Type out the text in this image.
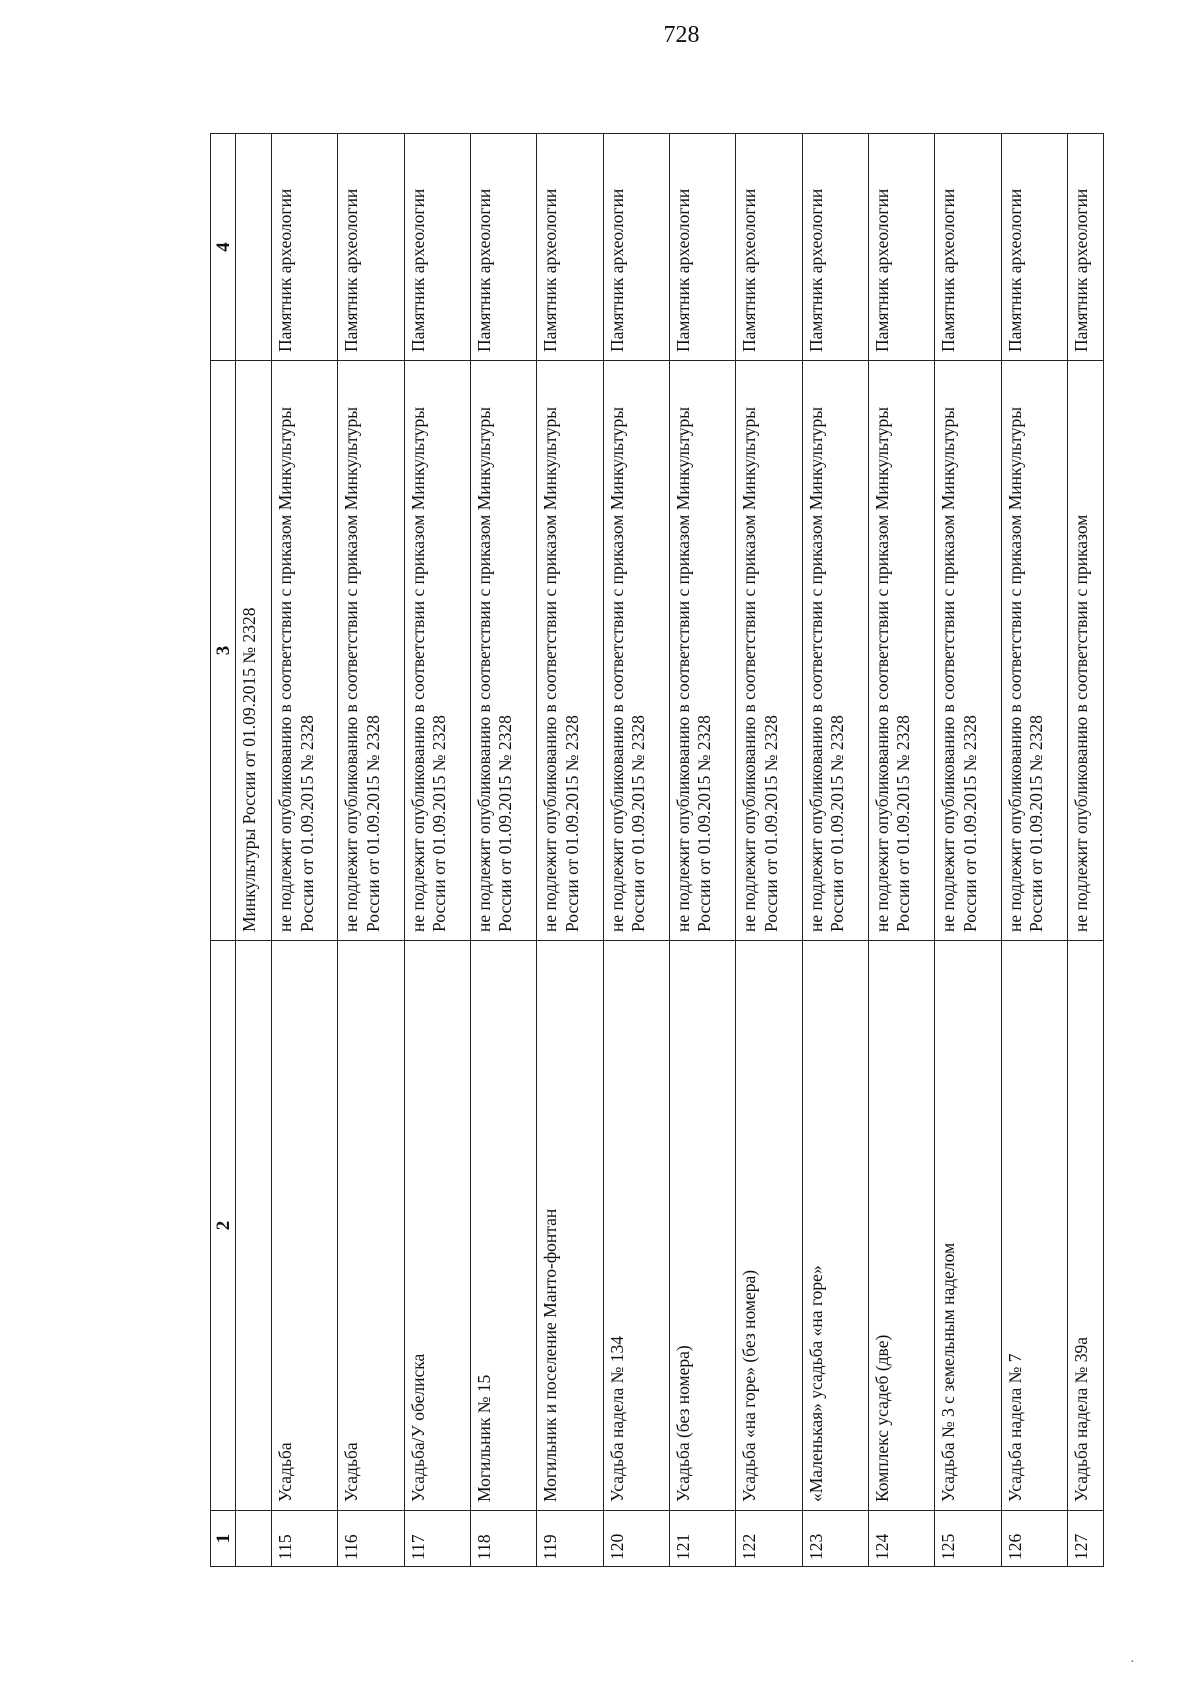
728
1	2	3	4
		Минкультуры России от 01.09.2015 № 2328	
115	Усадьба	не подлежит опубликованию в соответствии с приказом Минкультуры России от 01.09.2015 № 2328	Памятник археологии
116	Усадьба	не подлежит опубликованию в соответствии с приказом Минкультуры России от 01.09.2015 № 2328	Памятник археологии
117	Усадьба/У обелиска	не подлежит опубликованию в соответствии с приказом Минкультуры России от 01.09.2015 № 2328	Памятник археологии
118	Могильник № 15	не подлежит опубликованию в соответствии с приказом Минкультуры России от 01.09.2015 № 2328	Памятник археологии
119	Могильник и поселение Манто-фонтан	не подлежит опубликованию в соответствии с приказом Минкультуры России от 01.09.2015 № 2328	Памятник археологии
120	Усадьба надела № 134	не подлежит опубликованию в соответствии с приказом Минкультуры России от 01.09.2015 № 2328	Памятник археологии
121	Усадьба (без номера)	не подлежит опубликованию в соответствии с приказом Минкультуры России от 01.09.2015 № 2328	Памятник археологии
122	Усадьба «на горе» (без номера)	не подлежит опубликованию в соответствии с приказом Минкультуры России от 01.09.2015 № 2328	Памятник археологии
123	«Маленькая» усадьба «на горе»	не подлежит опубликованию в соответствии с приказом Минкультуры России от 01.09.2015 № 2328	Памятник археологии
124	Комплекс усадеб (две)	не подлежит опубликованию в соответствии с приказом Минкультуры России от 01.09.2015 № 2328	Памятник археологии
125	Усадьба № 3 с земельным наделом	не подлежит опубликованию в соответствии с приказом Минкультуры России от 01.09.2015 № 2328	Памятник археологии
126	Усадьба надела № 7	не подлежит опубликованию в соответствии с приказом Минкультуры России от 01.09.2015 № 2328	Памятник археологии
127	Усадьба надела № 39а	не подлежит опубликованию в соответствии с приказом	Памятник археологии
·
